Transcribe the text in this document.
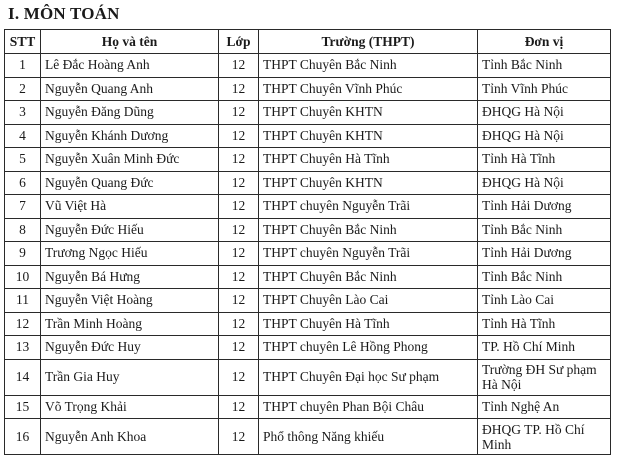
I. MÔN TOÁN
STT	Họ và tên	Lớp	Trường (THPT)	Đơn vị
1	Lê Đắc Hoàng Anh	12	THPT Chuyên Bắc Ninh	Tỉnh Bắc Ninh
2	Nguyễn Quang Anh	12	THPT Chuyên Vĩnh Phúc	Tỉnh Vĩnh Phúc
3	Nguyễn Đăng Dũng	12	THPT Chuyên KHTN	ĐHQG Hà Nội
4	Nguyễn Khánh Dương	12	THPT Chuyên KHTN	ĐHQG Hà Nội
5	Nguyễn Xuân Minh Đức	12	THPT Chuyên Hà Tĩnh	Tỉnh Hà Tĩnh
6	Nguyễn Quang Đức	12	THPT Chuyên KHTN	ĐHQG Hà Nội
7	Vũ Việt Hà	12	THPT chuyên Nguyễn Trãi	Tỉnh Hải Dương
8	Nguyễn Đức Hiếu	12	THPT Chuyên Bắc Ninh	Tỉnh Bắc Ninh
9	Trương Ngọc Hiếu	12	THPT chuyên Nguyễn Trãi	Tỉnh Hải Dương
10	Nguyễn Bá Hưng	12	THPT Chuyên Bắc Ninh	Tỉnh Bắc Ninh
11	Nguyễn Việt Hoàng	12	THPT Chuyên Lào Cai	Tỉnh Lào Cai
12	Trần Minh Hoàng	12	THPT Chuyên Hà Tĩnh	Tỉnh Hà Tĩnh
13	Nguyễn Đức Huy	12	THPT chuyên Lê Hồng Phong	TP. Hồ Chí Minh
14	Trần Gia Huy	12	THPT Chuyên Đại học Sư phạm	Trường ĐH Sư phạm Hà Nội
15	Võ Trọng Khải	12	THPT chuyên Phan Bội Châu	Tỉnh Nghệ An
16	Nguyễn Anh Khoa	12	Phổ thông Năng khiếu	ĐHQG TP. Hồ Chí Minh
